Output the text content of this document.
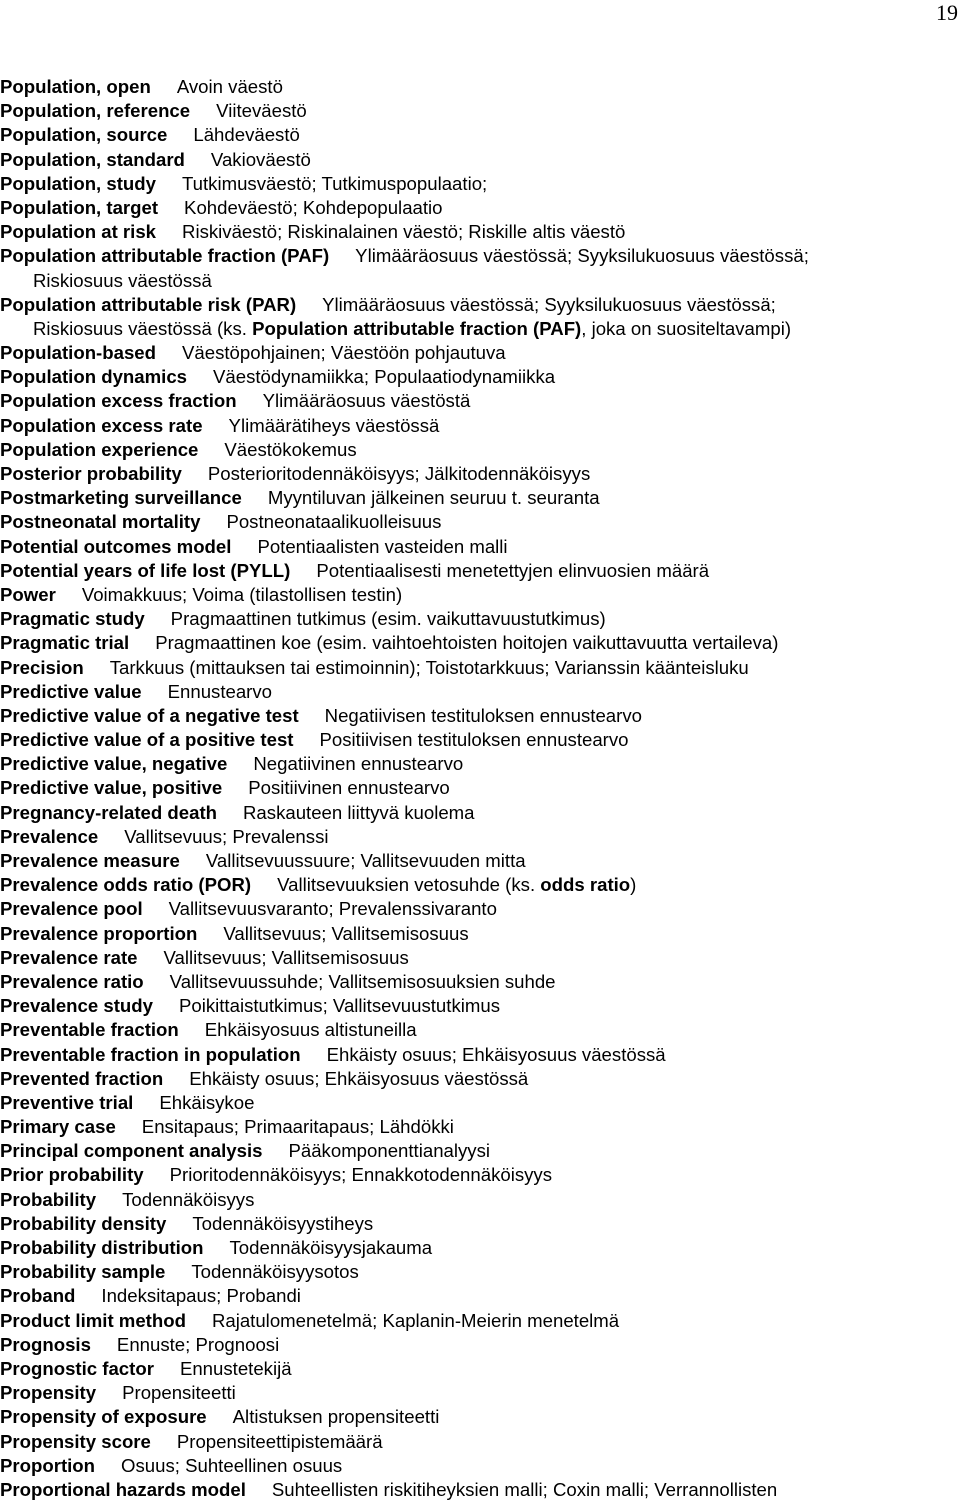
19
Population, open Avoin väestö
Population, reference Viiteväestö
Population, source Lähdeväestö
Population, standard Vakioväestö
Population, study Tutkimusväestö; Tutkimuspopulaatio;
Population, target Kohdeväestö; Kohdepopulaatio
Population at risk Riskiväestö; Riskinalainen väestö; Riskille altis väestö
Population attributable fraction (PAF) Ylimääräosuus väestössä; Syyksilukuosuus väestössä;
Riskiosuus väestössä
Population attributable risk (PAR) Ylimääräosuus väestössä; Syyksilukuosuus väestössä;
Riskiosuus väestössä (ks. Population attributable fraction (PAF), joka on suositeltavampi)
Population-based Väestöpohjainen; Väestöön pohjautuva
Population dynamics Väestödynamiikka; Populaatiodynamiikka
Population excess fraction Ylimääräosuus väestöstä
Population excess rate Ylimäärätiheys väestössä
Population experience Väestökokemus
Posterior probability Posterioritodennäköisyys; Jälkitodennäköisyys
Postmarketing surveillance Myyntiluvan jälkeinen seuruu t. seuranta
Postneonatal mortality Postneonataalikuolleisuus
Potential outcomes model Potentiaalisten vasteiden malli
Potential years of life lost (PYLL) Potentiaalisesti menetettyjen elinvuosien määrä
Power Voimakkuus; Voima (tilastollisen testin)
Pragmatic study Pragmaattinen tutkimus (esim. vaikuttavuustutkimus)
Pragmatic trial Pragmaattinen koe (esim. vaihtoehtoisten hoitojen vaikuttavuutta vertaileva)
Precision Tarkkuus (mittauksen tai estimoinnin); Toistotarkkuus; Varianssin käänteisluku
Predictive value Ennustearvo
Predictive value of a negative test Negatiivisen testituloksen ennustearvo
Predictive value of a positive test Positiivisen testituloksen ennustearvo
Predictive value, negative Negatiivinen ennustearvo
Predictive value, positive Positiivinen ennustearvo
Pregnancy-related death Raskauteen liittyvä kuolema
Prevalence Vallitsevuus; Prevalenssi
Prevalence measure Vallitsevuussuure; Vallitsevuuden mitta
Prevalence odds ratio (POR) Vallitsevuuksien vetosuhde (ks. odds ratio)
Prevalence pool Vallitsevuusvaranto; Prevalenssivaranto
Prevalence proportion Vallitsevuus; Vallitsemisosuus
Prevalence rate Vallitsevuus; Vallitsemisosuus
Prevalence ratio Vallitsevuussuhde; Vallitsemisosuuksien suhde
Prevalence study Poikittaistutkimus; Vallitsevuustutkimus
Preventable fraction Ehkäisyosuus altistuneilla
Preventable fraction in population Ehkäisty osuus; Ehkäisyosuus väestössä
Prevented fraction Ehkäisty osuus; Ehkäisyosuus väestössä
Preventive trial Ehkäisykoe
Primary case Ensitapaus; Primaaritapaus; Lähdökki
Principal component analysis Pääkomponenttianalyysi
Prior probability Prioritodennäköisyys; Ennakkotodennäköisyys
Probability Todennäköisyys
Probability density Todennäköisyystiheys
Probability distribution Todennäköisyysjakauma
Probability sample Todennäköisyysotos
Proband Indeksitapaus; Probandi
Product limit method Rajatulomenetelmä; Kaplanin-Meierin menetelmä
Prognosis Ennuste; Prognoosi
Prognostic factor Ennustetekijä
Propensity Propensiteetti
Propensity of exposure Altistuksen propensiteetti
Propensity score Propensiteettipistemäärä
Proportion Osuus; Suhteellinen osuus
Proportional hazards model Suhteellisten riskitiheyksien malli; Coxin malli; Verrannollisten
